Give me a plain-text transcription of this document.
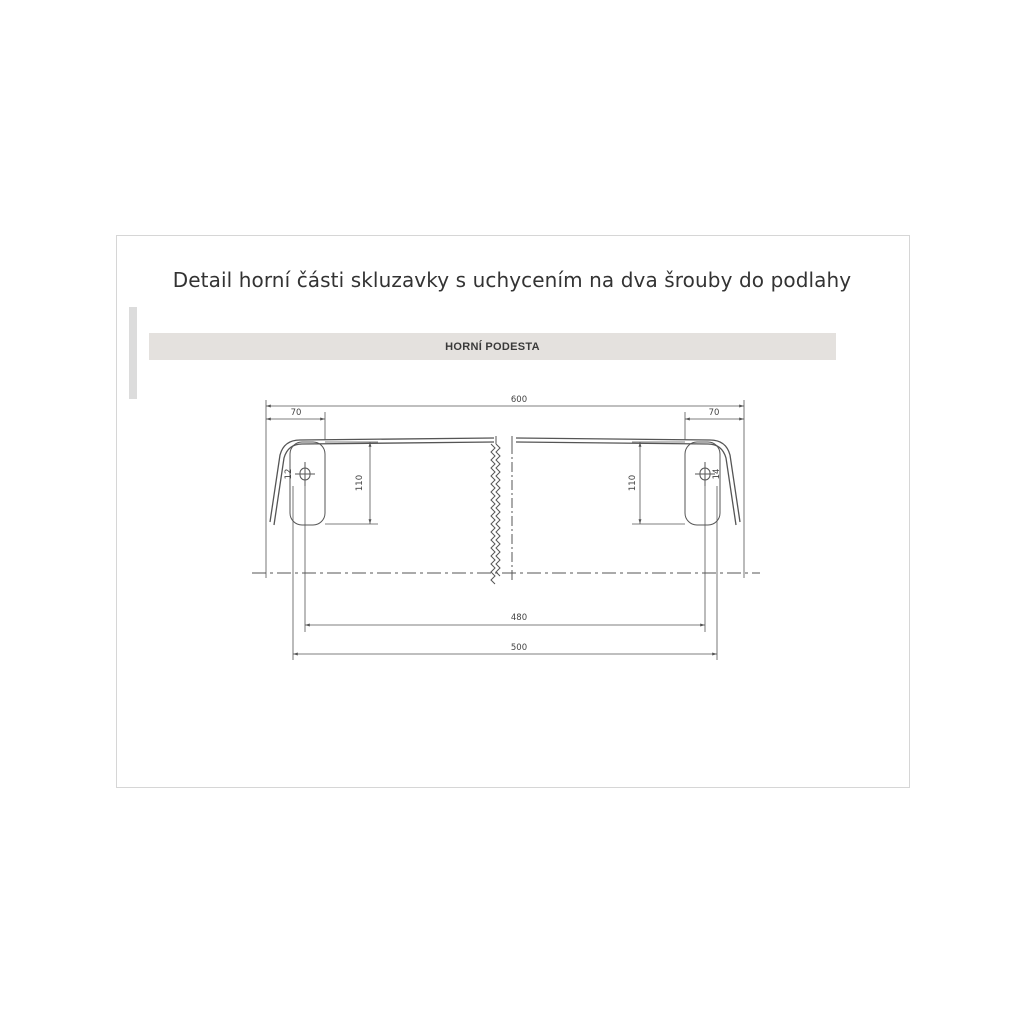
Detail horní části skluzavky s uchycením na dva šrouby do podlahy
HORNÍ PODESTA
600
70	70
110	110
480
500
12	14
